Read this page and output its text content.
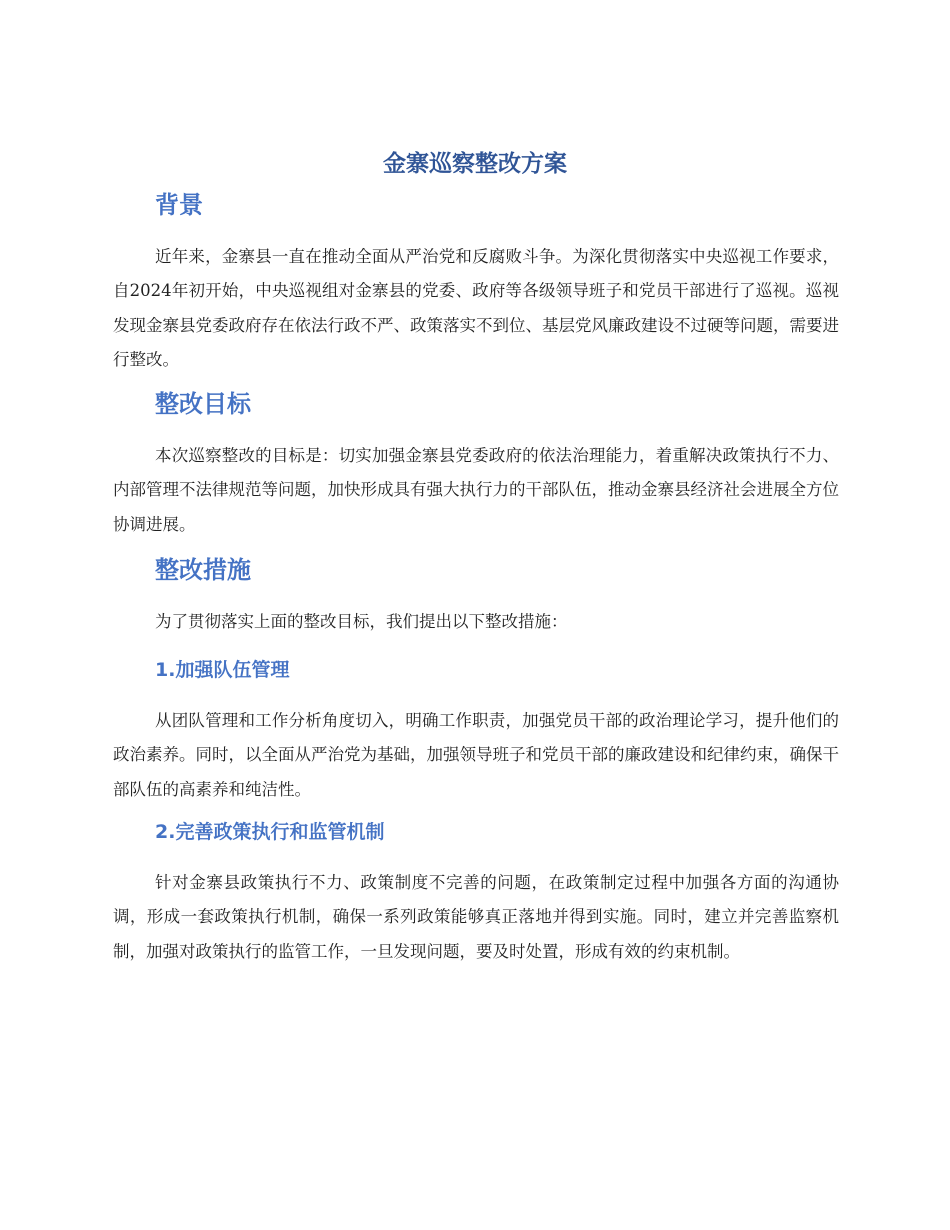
金寨巡察整改方案
背景

近年来，金寨县一直在推动全面从严治党和反腐败斗争。为深化贯彻落实中央巡视工作要求，自2024年初开始，中央巡视组对金寨县的党委、政府等各级领导班子和党员干部进行了巡视。巡视发现金寨县党委政府存在依法行政不严、政策落实不到位、基层党风廉政建设不过硬等问题，需要进行整改。

整改目标

本次巡察整改的目标是：切实加强金寨县党委政府的依法治理能力，着重解决政策执行不力、内部管理不法律规范等问题，加快形成具有强大执行力的干部队伍，推动金寨县经济社会进展全方位协调进展。

整改措施

为了贯彻落实上面的整改目标，我们提出以下整改措施：

1.加强队伍管理

从团队管理和工作分析角度切入，明确工作职责，加强党员干部的政治理论学习，提升他们的政治素养。同时，以全面从严治党为基础，加强领导班子和党员干部的廉政建设和纪律约束，确保干部队伍的高素养和纯洁性。

2.完善政策执行和监管机制

针对金寨县政策执行不力、政策制度不完善的问题，在政策制定过程中加强各方面的沟通协调，形成一套政策执行机制，确保一系列政策能够真正落地并得到实施。同时，建立并完善监察机制，加强对政策执行的监管工作，一旦发现问题，要及时处置，形成有效的约束机制。
